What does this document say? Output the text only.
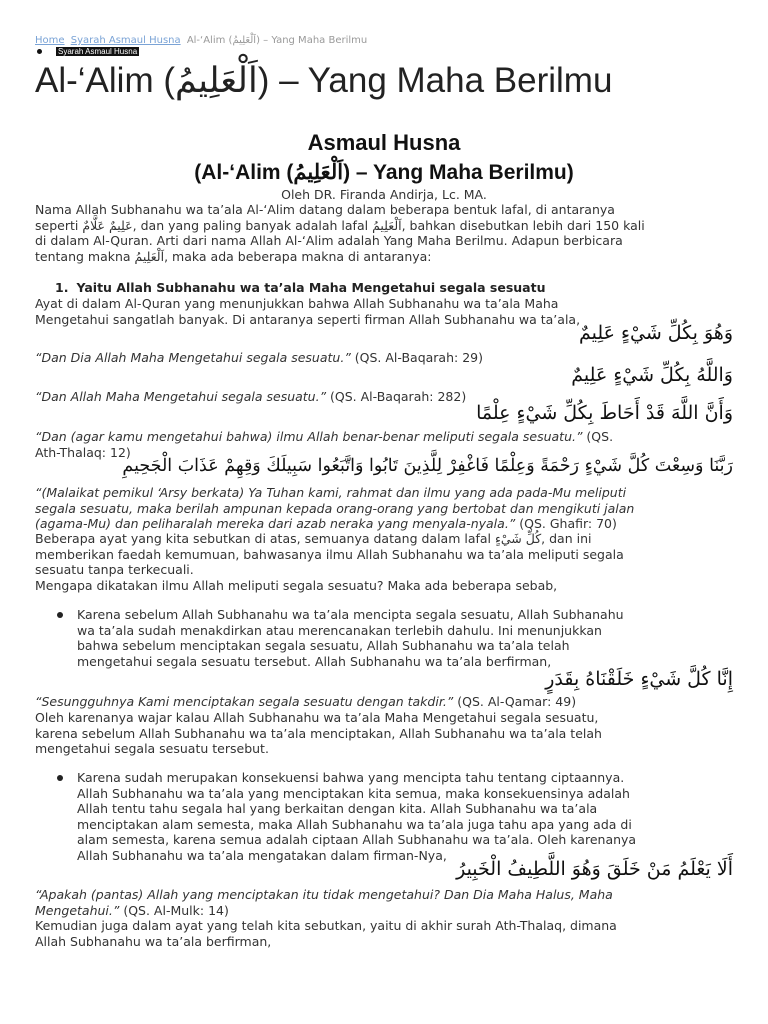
Home Syarah Asmaul Husna Al-‘Alim (اَلْعَلِيمُ) – Yang Maha Berilmu
Syarah Asmaul Husna
Al-‘Alim (اَلْعَلِيمُ) – Yang Maha Berilmu
Asmaul Husna
(Al-‘Alim (اَلْعَلِيمُ) – Yang Maha Berilmu)
Oleh DR. Firanda Andirja, Lc. MA.
Nama Allah Subhanahu wa ta’ala Al-‘Alim datang dalam beberapa bentuk lafal, di antaranya
seperti عَلِيمٌ عَلَّامٌ, dan yang paling banyak adalah lafal اَلْعَلِيمُ, bahkan disebutkan lebih dari 150 kali
di dalam Al-Quran. Arti dari nama Allah Al-‘Alim adalah Yang Maha Berilmu. Adapun berbicara
tentang makna اَلْعَلِيمُ, maka ada beberapa makna di antaranya:
1. Yaitu Allah Subhanahu wa ta’ala Maha Mengetahui segala sesuatu
Ayat di dalam Al-Quran yang menunjukkan bahwa Allah Subhanahu wa ta’ala Maha
Mengetahui sangatlah banyak. Di antaranya seperti firman Allah Subhanahu wa ta’ala,
وَهُوَ بِكُلِّ شَيْءٍ عَلِيمٌ
“Dan Dia Allah Maha Mengetahui segala sesuatu.” (QS. Al-Baqarah: 29)
وَاللَّهُ بِكُلِّ شَيْءٍ عَلِيمٌ
“Dan Allah Maha Mengetahui segala sesuatu.” (QS. Al-Baqarah: 282)
وَأَنَّ اللَّهَ قَدْ أَحَاطَ بِكُلِّ شَيْءٍ عِلْمًا
“Dan (agar kamu mengetahui bahwa) ilmu Allah benar-benar meliputi segala sesuatu.” (QS.
Ath-Thalaq: 12)
رَبَّنَا وَسِعْتَ كُلَّ شَيْءٍ رَحْمَةً وَعِلْمًا فَاغْفِرْ لِلَّذِينَ تَابُوا وَاتَّبَعُوا سَبِيلَكَ وَقِهِمْ عَذَابَ الْجَحِيمِ
“(Malaikat pemikul ‘Arsy berkata) Ya Tuhan kami, rahmat dan ilmu yang ada pada-Mu meliputi
segala sesuatu, maka berilah ampunan kepada orang-orang yang bertobat dan mengikuti jalan
(agama-Mu) dan peliharalah mereka dari azab neraka yang menyala-nyala.” (QS. Ghafir: 70)
Beberapa ayat yang kita sebutkan di atas, semuanya datang dalam lafal كُلِّ شَيْءٍ, dan ini
memberikan faedah kemumuan, bahwasanya ilmu Allah Subhanahu wa ta’ala meliputi segala
sesuatu tanpa terkecuali.
Mengapa dikatakan ilmu Allah meliputi segala sesuatu? Maka ada beberapa sebab,
Karena sebelum Allah Subhanahu wa ta’ala mencipta segala sesuatu, Allah Subhanahu
wa ta’ala sudah menakdirkan atau merencanakan terlebih dahulu. Ini menunjukkan
bahwa sebelum menciptakan segala sesuatu, Allah Subhanahu wa ta’ala telah
mengetahui segala sesuatu tersebut. Allah Subhanahu wa ta’ala berfirman,
إِنَّا كُلَّ شَيْءٍ خَلَقْنَاهُ بِقَدَرٍ
“Sesungguhnya Kami menciptakan segala sesuatu dengan takdir.” (QS. Al-Qamar: 49)
Oleh karenanya wajar kalau Allah Subhanahu wa ta’ala Maha Mengetahui segala sesuatu,
karena sebelum Allah Subhanahu wa ta’ala menciptakan, Allah Subhanahu wa ta’ala telah
mengetahui segala sesuatu tersebut.
Karena sudah merupakan konsekuensi bahwa yang mencipta tahu tentang ciptaannya.
Allah Subhanahu wa ta’ala yang menciptakan kita semua, maka konsekuensinya adalah
Allah tentu tahu segala hal yang berkaitan dengan kita. Allah Subhanahu wa ta’ala
menciptakan alam semesta, maka Allah Subhanahu wa ta’ala juga tahu apa yang ada di
alam semesta, karena semua adalah ciptaan Allah Subhanahu wa ta’ala. Oleh karenanya
Allah Subhanahu wa ta’ala mengatakan dalam firman-Nya,
أَلَا يَعْلَمُ مَنْ خَلَقَ وَهُوَ اللَّطِيفُ الْخَبِيرُ
“Apakah (pantas) Allah yang menciptakan itu tidak mengetahui? Dan Dia Maha Halus, Maha
Mengetahui.” (QS. Al-Mulk: 14)
Kemudian juga dalam ayat yang telah kita sebutkan, yaitu di akhir surah Ath-Thalaq, dimana
Allah Subhanahu wa ta’ala berfirman,
